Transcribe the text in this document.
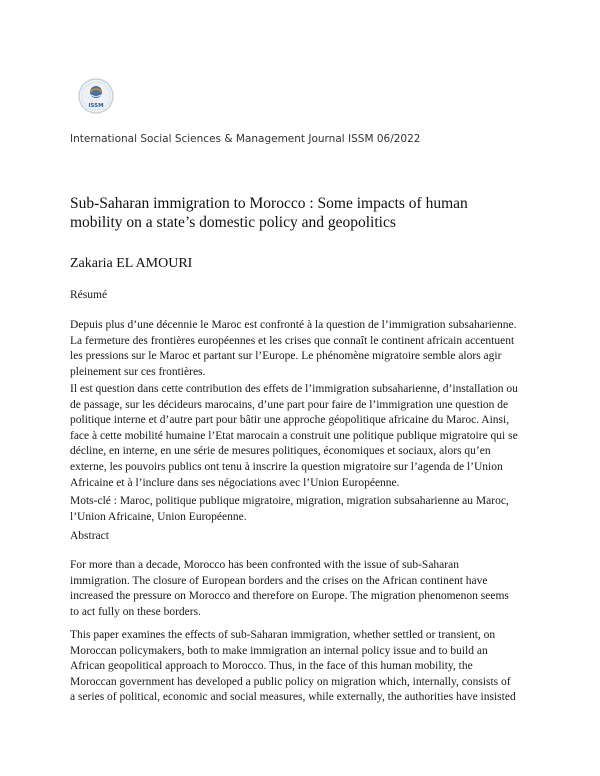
ISSM
International Social Sciences & Management Journal ISSM 06/2022
Sub-Saharan immigration to Morocco : Some impacts of human
mobility on a state’s domestic policy and geopolitics
Zakaria EL AMOURI
Résumé
Depuis plus d’une décennie le Maroc est confronté à la question de l’immigration subsaharienne.
La fermeture des frontières européennes et les crises que connaît le continent africain accentuent
les pressions sur le Maroc et partant sur l’Europe. Le phénomène migratoire semble alors agir
pleinement sur ces frontières.
Il est question dans cette contribution des effets de l’immigration subsaharienne, d’installation ou
de passage, sur les décideurs marocains, d’une part pour faire de l’immigration une question de
politique interne et d’autre part pour bâtir une approche géopolitique africaine du Maroc. Ainsi,
face à cette mobilité humaine l’Etat marocain a construit une politique publique migratoire qui se
décline, en interne, en une série de mesures politiques, économiques et sociaux, alors qu’en
externe, les pouvoirs publics ont tenu à inscrire la question migratoire sur l’agenda de l’Union
Africaine et à l’inclure dans ses négociations avec l’Union Européenne.
Mots-clé : Maroc, politique publique migratoire, migration, migration subsaharienne au Maroc,
l’Union Africaine, Union Européenne.
Abstract
For more than a decade, Morocco has been confronted with the issue of sub-Saharan
immigration. The closure of European borders and the crises on the African continent have
increased the pressure on Morocco and therefore on Europe. The migration phenomenon seems
to act fully on these borders.
This paper examines the effects of sub-Saharan immigration, whether settled or transient, on
Moroccan policymakers, both to make immigration an internal policy issue and to build an
African geopolitical approach to Morocco. Thus, in the face of this human mobility, the
Moroccan government has developed a public policy on migration which, internally, consists of
a series of political, economic and social measures, while externally, the authorities have insisted
